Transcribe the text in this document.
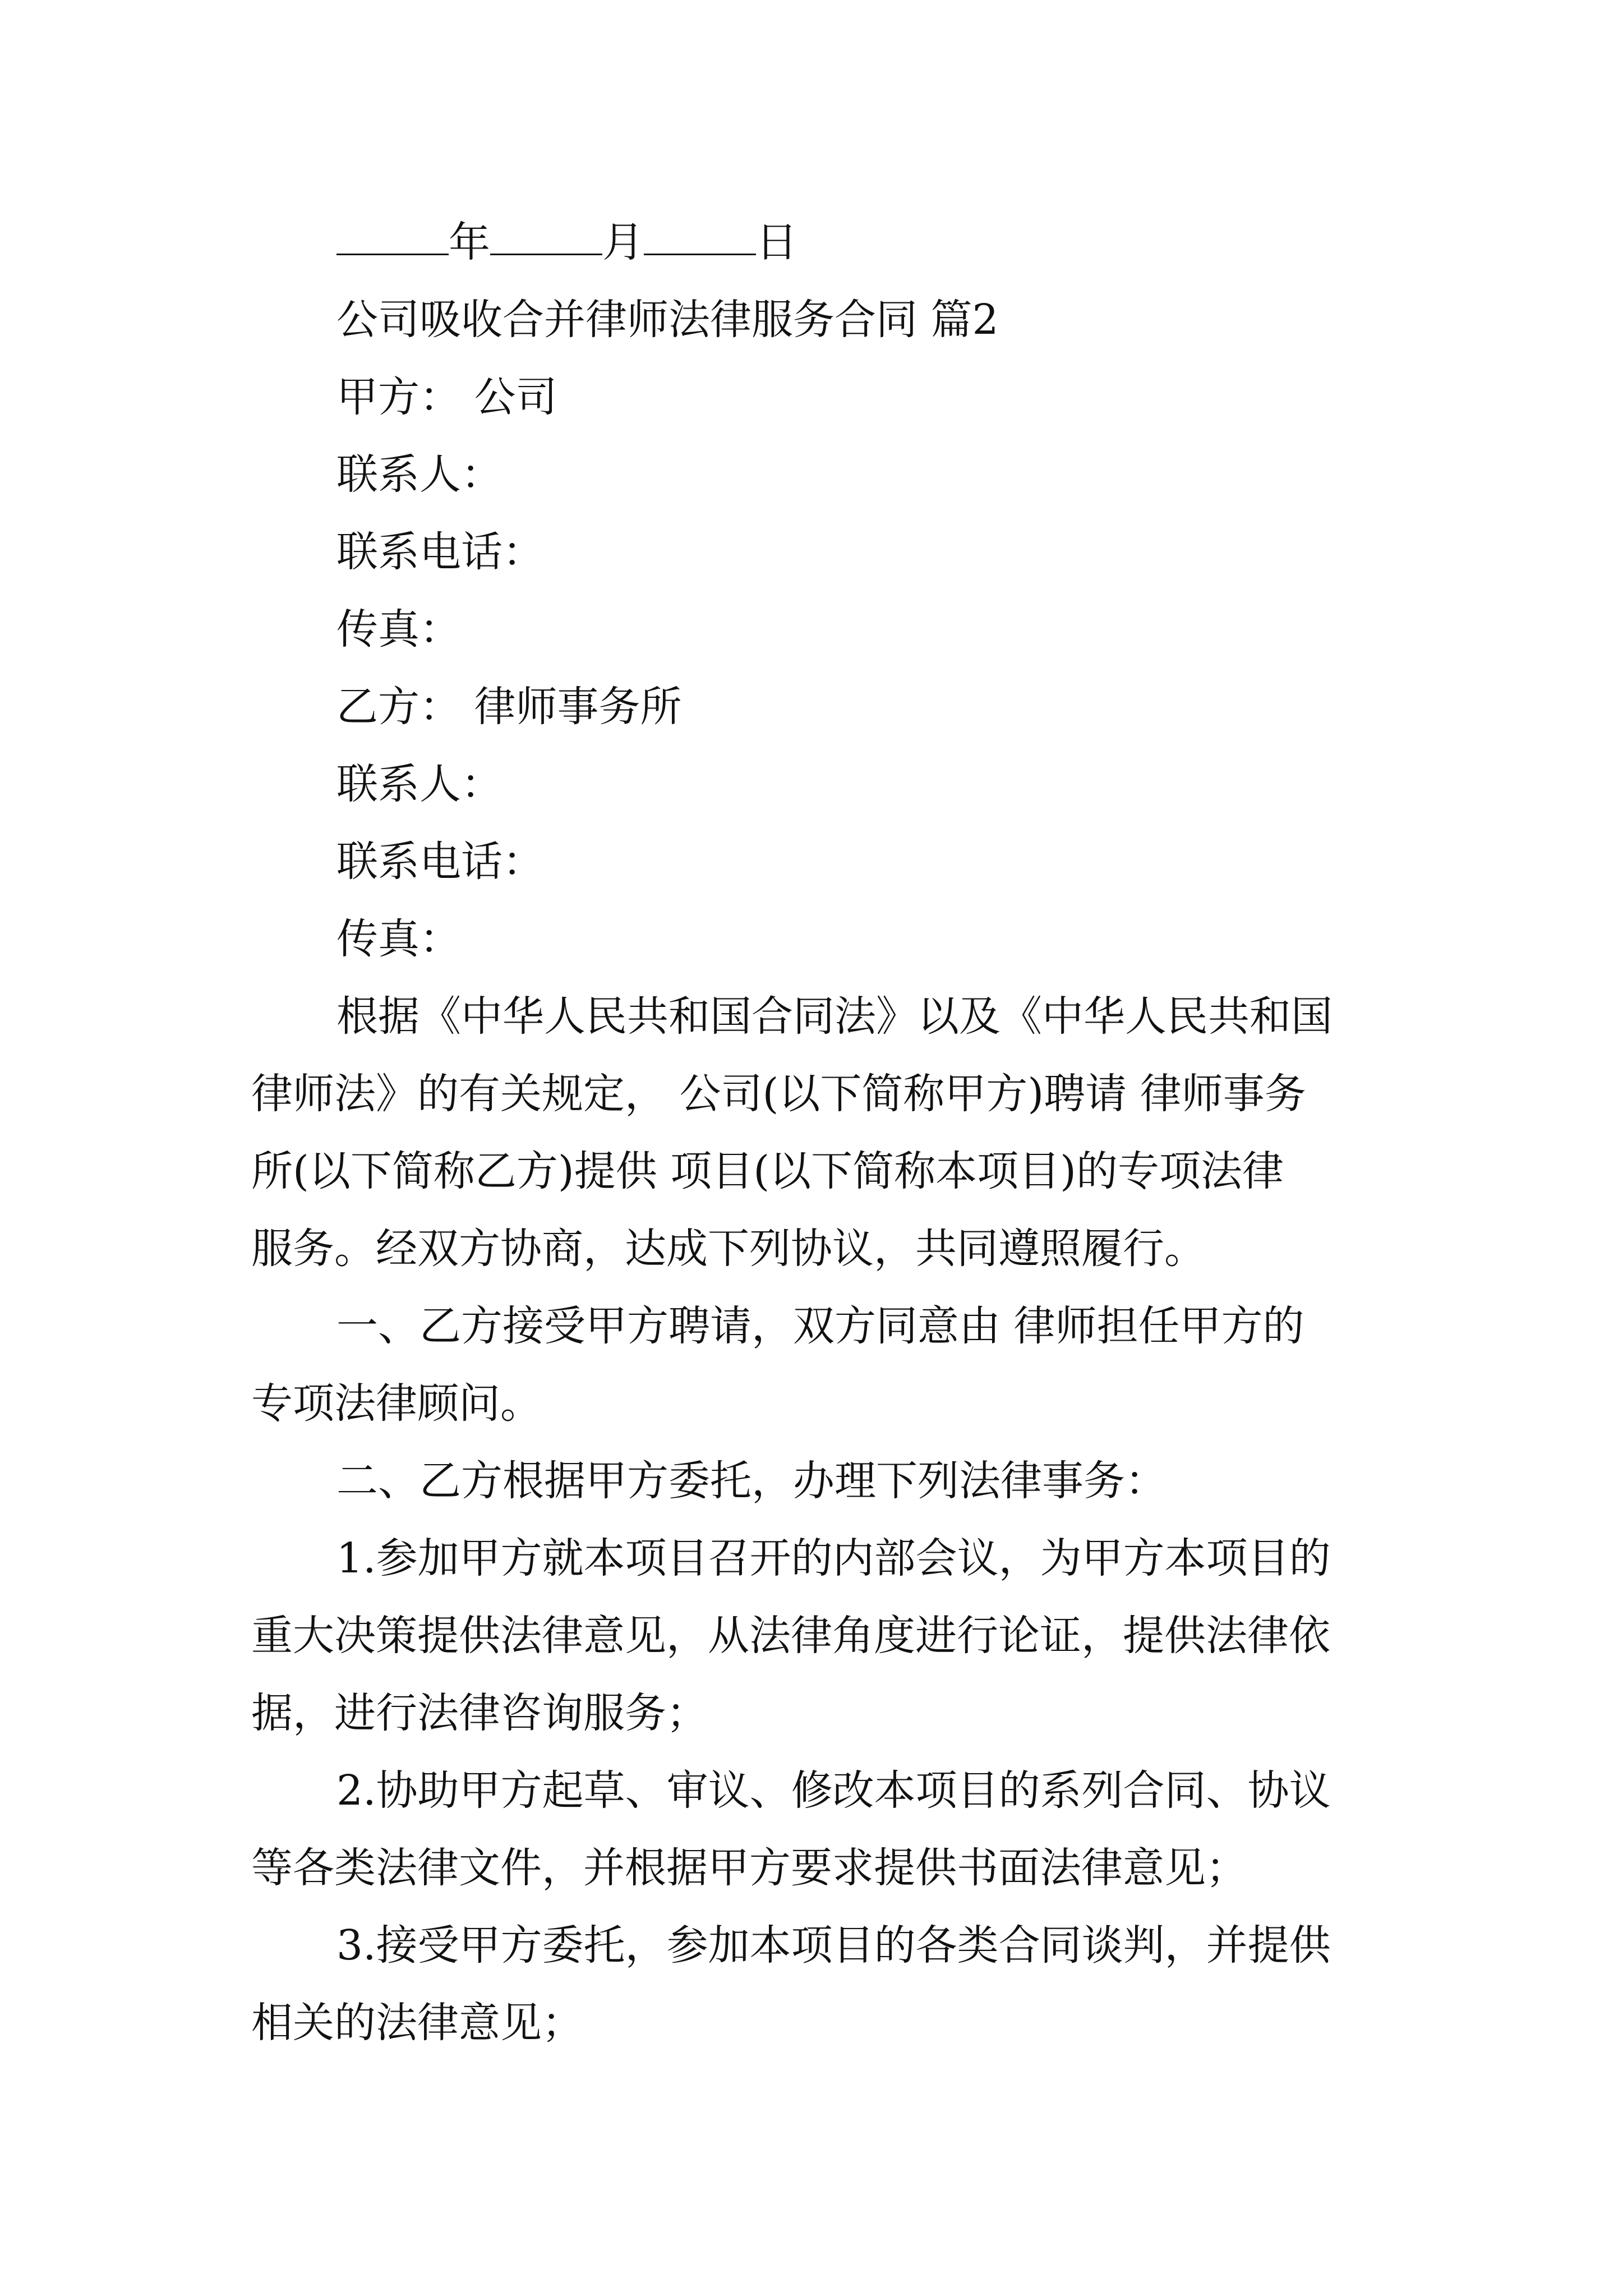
年	月	日
公司吸收合并律师法律服务合同 篇2
甲方： 公司
联系人：
联系电话：
传真：
乙方： 律师事务所
联系人：
联系电话：
传真：
根据《中华人民共和国合同法》以及《中华人民共和国
律师法》的有关规定， 公司(以下简称甲方)聘请 律师事务
所(以下简称乙方)提供 项目(以下简称本项目)的专项法律
服务。经双方协商，达成下列协议，共同遵照履行。
一、乙方接受甲方聘请，双方同意由 律师担任甲方的
专项法律顾问。
二、乙方根据甲方委托，办理下列法律事务：
1.参加甲方就本项目召开的内部会议，为甲方本项目的
重大决策提供法律意见，从法律角度进行论证，提供法律依
据，进行法律咨询服务；
2.协助甲方起草、审议、修改本项目的系列合同、协议
等各类法律文件，并根据甲方要求提供书面法律意见；
3.接受甲方委托，参加本项目的各类合同谈判，并提供
相关的法律意见；
